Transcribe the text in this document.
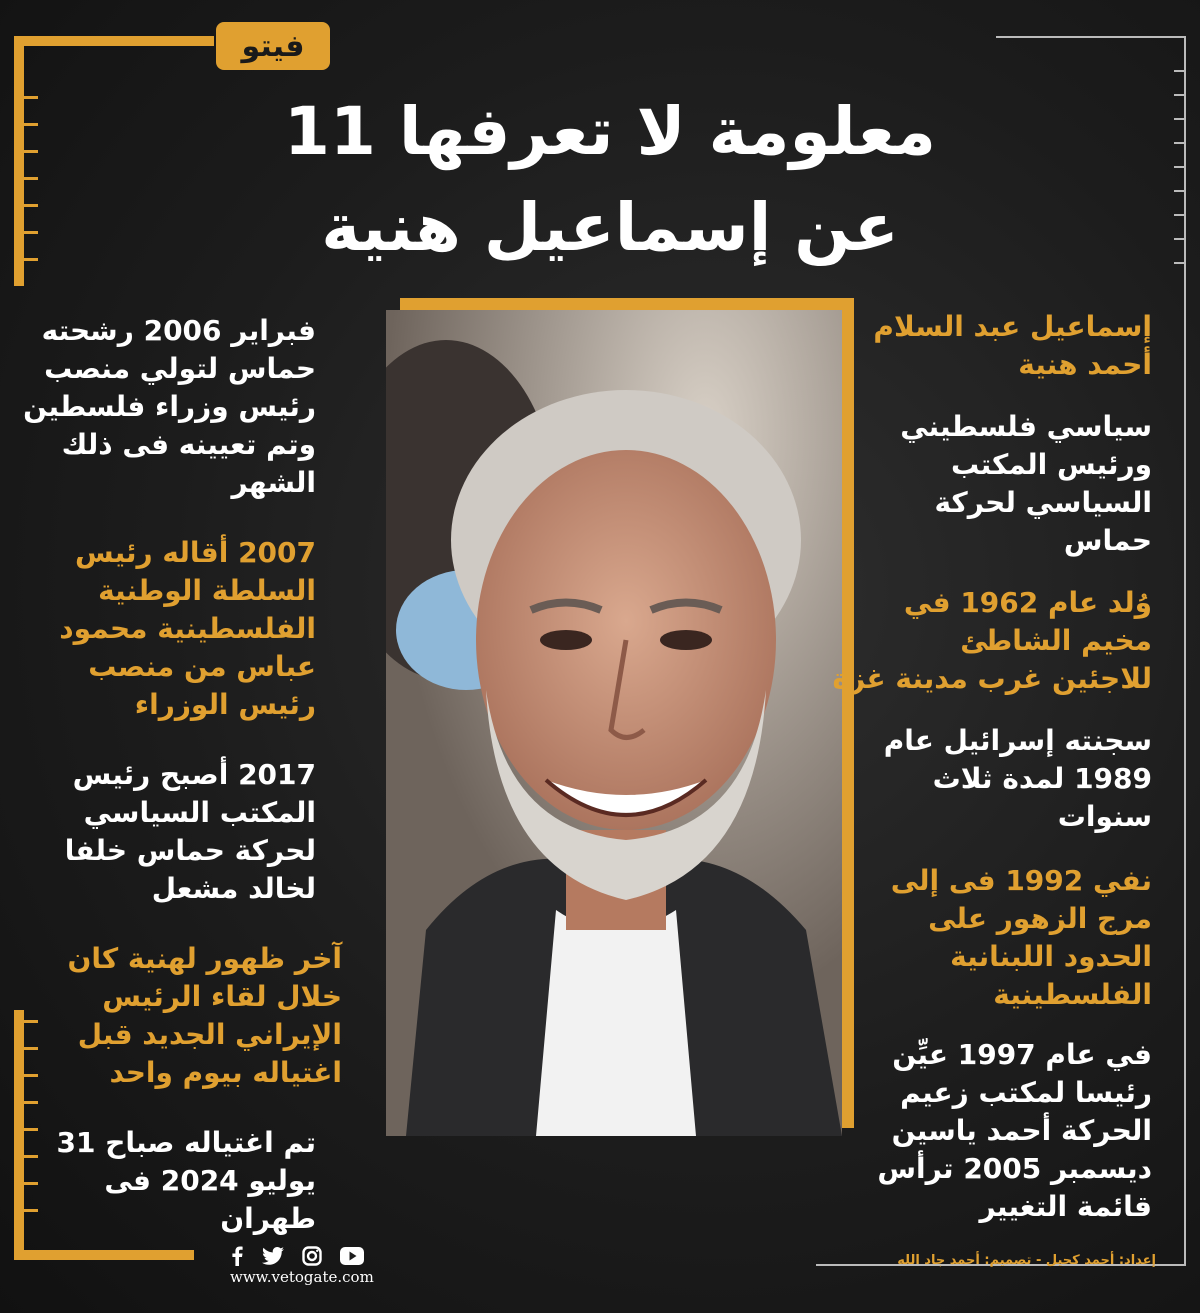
فيتو
11 معلومة لا تعرفها
عن إسماعيل هنية
إسماعيل عبد السلام
أحمد هنية
سياسي فلسطيني
ورئيس المكتب
السياسي لحركة
حماس
وُلد عام 1962 في
مخيم الشاطئ
للاجئين غرب مدينة غزة
سجنته إسرائيل عام
1989 لمدة ثلاث
سنوات
نفي 1992 فى إلى
مرج الزهور على
الحدود اللبنانية
الفلسطينية
في عام 1997 عيِّن
رئيسا لمكتب زعيم
الحركة أحمد ياسين
ديسمبر 2005 ترأس
قائمة التغيير
فبراير 2006 رشحته
حماس لتولي منصب
رئيس وزراء فلسطين
وتم تعيينه فى ذلك
الشهر
2007 أقاله رئيس
السلطة الوطنية
الفلسطينية محمود
عباس من منصب
رئيس الوزراء
2017 أصبح رئيس
المكتب السياسي
لحركة حماس خلفا
لخالد مشعل
آخر ظهور لهنية كان
خلال لقاء الرئيس
الإيراني الجديد قبل
اغتياله بيوم واحد
تم اغتياله صباح 31
يوليو 2024 فى
طهران
إعداد: أحمد كحيل - تصميم: أحمد جاد الله
www.vetogate.com
